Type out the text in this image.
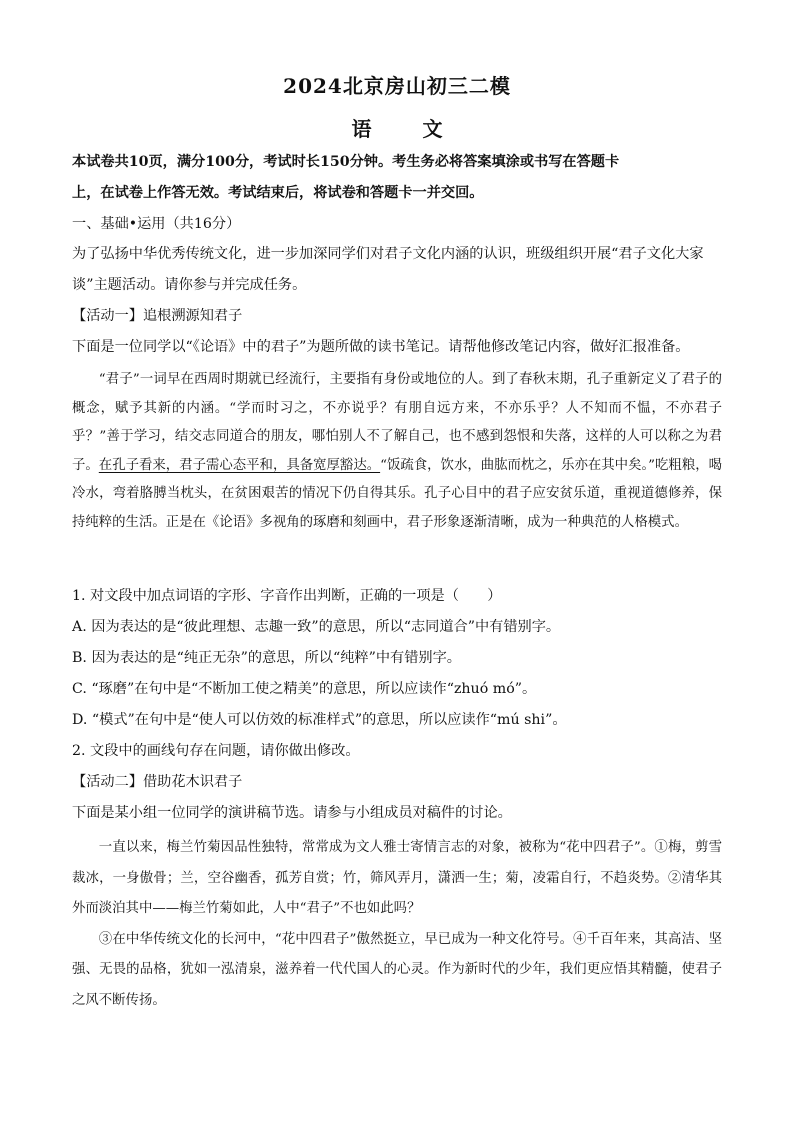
2024北京房山初三二模
语	文
本试卷共10页，满分100分，考试时长150分钟。考生务必将答案填涂或书写在答题卡
上，在试卷上作答无效。考试结束后，将试卷和答题卡一并交回。
一、基础•运用（共16分）
为了弘扬中华优秀传统文化，进一步加深同学们对君子文化内涵的认识，班级组织开展“君子文化大家
谈”主题活动。请你参与并完成任务。
【活动一】追根溯源知君子
下面是一位同学以“《论语》中的君子”为题所做的读书笔记。请帮他修改笔记内容，做好汇报准备。

“君子”一词早在西周时期就已经流行，主要指有身份或地位的人。到了春秋末期，孔子重新定义了君子的概念，赋予其新的内涵。“学而时习之，不亦说乎？有朋自远方来，不亦乐乎？人不知而不愠，不亦君子乎？”善于学习，结交志同道合的朋友，哪怕别人不了解自己，也不感到怨恨和失落，这样的人可以称之为君子。在孔子看来，君子需心态平和，具备宽厚豁达。“饭疏食，饮水，曲肱而枕之，乐亦在其中矣。”吃粗粮，喝冷水，弯着胳膊当枕头，在贫困艰苦的情况下仍自得其乐。孔子心目中的君子应安贫乐道，重视道德修养，保持纯粹的生活。正是在《论语》多视角的琢磨和刻画中，君子形象逐渐清晰，成为一种典范的人格模式。

1. 对文段中加点词语的字形、字音作出判断，正确的一项是（　　）
A. 因为表达的是“彼此理想、志趣一致”的意思，所以“志同道合”中有错别字。
B. 因为表达的是“纯正无杂”的意思，所以“纯粹”中有错别字。
C. “琢磨”在句中是“不断加工使之精美”的意思，所以应读作“zhuó mó”。
D. “模式”在句中是“使人可以仿效的标准样式”的意思，所以应读作“mú shi”。
2. 文段中的画线句存在问题，请你做出修改。
【活动二】借助花木识君子
下面是某小组一位同学的演讲稿节选。请参与小组成员对稿件的讨论。

一直以来，梅兰竹菊因品性独特，常常成为文人雅士寄情言志的对象，被称为“花中四君子”。①梅，剪雪裁冰，一身傲骨；兰，空谷幽香，孤芳自赏；竹，筛风弄月，潇洒一生；菊，凌霜自行，不趋炎势。②清华其外而淡泊其中——梅兰竹菊如此，人中“君子”不也如此吗？

③在中华传统文化的长河中，“花中四君子”傲然挺立，早已成为一种文化符号。④千百年来，其高洁、坚强、无畏的品格，犹如一泓清泉，滋养着一代代国人的心灵。作为新时代的少年，我们更应悟其精髓，使君子之风不断传扬。
